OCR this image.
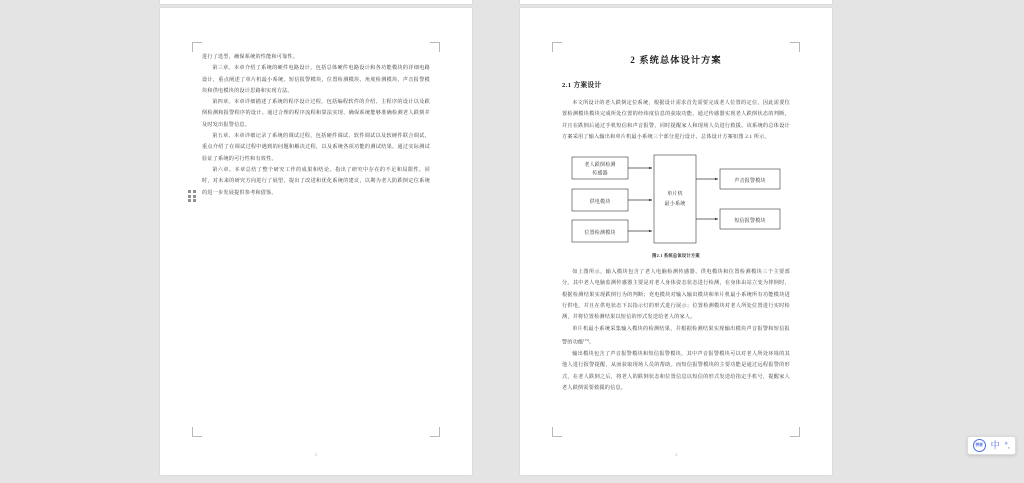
进行了选型，确保系统的性能和可靠性。

第三章。本章介绍了系统的硬件电路设计，包括总体硬件电路设计和各功能模块的详细电路设计，重点阐述了单片机最小系统、短信报警模块、位置检测模块、角度检测模块、声音报警模块和供电模块的设计思路和实现方法。

第四章。本章详细描述了系统的程序设计过程，包括编程软件的介绍、主程序的设计以及跌倒检测和报警程序的设计。通过合理的程序流程和算法实现，确保系统能够准确检测老人跌倒并及时发出报警信息。

第五章。本章详细记录了系统的调试过程，包括硬件调试、软件调试以及软硬件联合调试，重点介绍了在调试过程中遇到的问题和解决过程，以及系统各项功能的测试结果。通过实际测试验证了系统的可行性和有效性。

第六章。本章总结了整个研究工作的成果和结论。指出了研究中存在的不足和局限性。同时，对未来的研究方向进行了展望，提出了改进和优化系统的建议，以期为老人防跌倒定位系统的进一步发展提供参考和借鉴。

3
2 系统总体设计方案
2.1 方案设计

本文所设计的老人跌倒定位系统，根据设计需求首先需要完成老人位置的定位，因此需要位置检测模块模块完成所处位置的经纬度信息的获取功能，通过传感器实现老人跌倒状态的判断，并且在跌倒后通过手机短信和声音报警，同时提醒家人和现场人员进行救援。该系统的总体设计方案采用了输入输出和单片机最小系统三个部分进行设计，总体设计方案如图 2.1 所示。

老人跌倒检测
传感器
供电模块
位置检测模块
单片机
最小系统
声音报警模块
短信报警模块
图2.1 系统总体设计方案

如上图所示，输入模块包含了老人电脑检测传感器、供电模块和位置检测模块三个主要部分。其中老人电脑监测传感器主要是对老人身体姿态状态进行检测，在身体由站立变为摔倒时，根据检测结果实现跌倒行为的判断；充电模块对输入输出模块和单片机最小系统所有功能模块进行供电，并且在供电状态下以指示灯的形式进行展示；位置检测模块对老人所处位置进行实时检测，并将位置检测结果以短信的形式发送给老人的家人。

单片机最小系统采集输入模块的检测结果，并根据检测结果实现输出模块声音报警和短信报警的功能[15]。

输出模块包含了声音报警模块和短信报警模块，其中声音报警模块可以对老人所处环境的其他人进行报警提醒，从而获取现场人员的帮助。而短信报警模块的主要功能是通过远程报警的形式，在老人跌倒之后，将老人的跌倒状态和位置信息以短信的形式发送给指定手机号，提醒家人老人跌倒需要救援的信息。

4
拼音 中 °,
